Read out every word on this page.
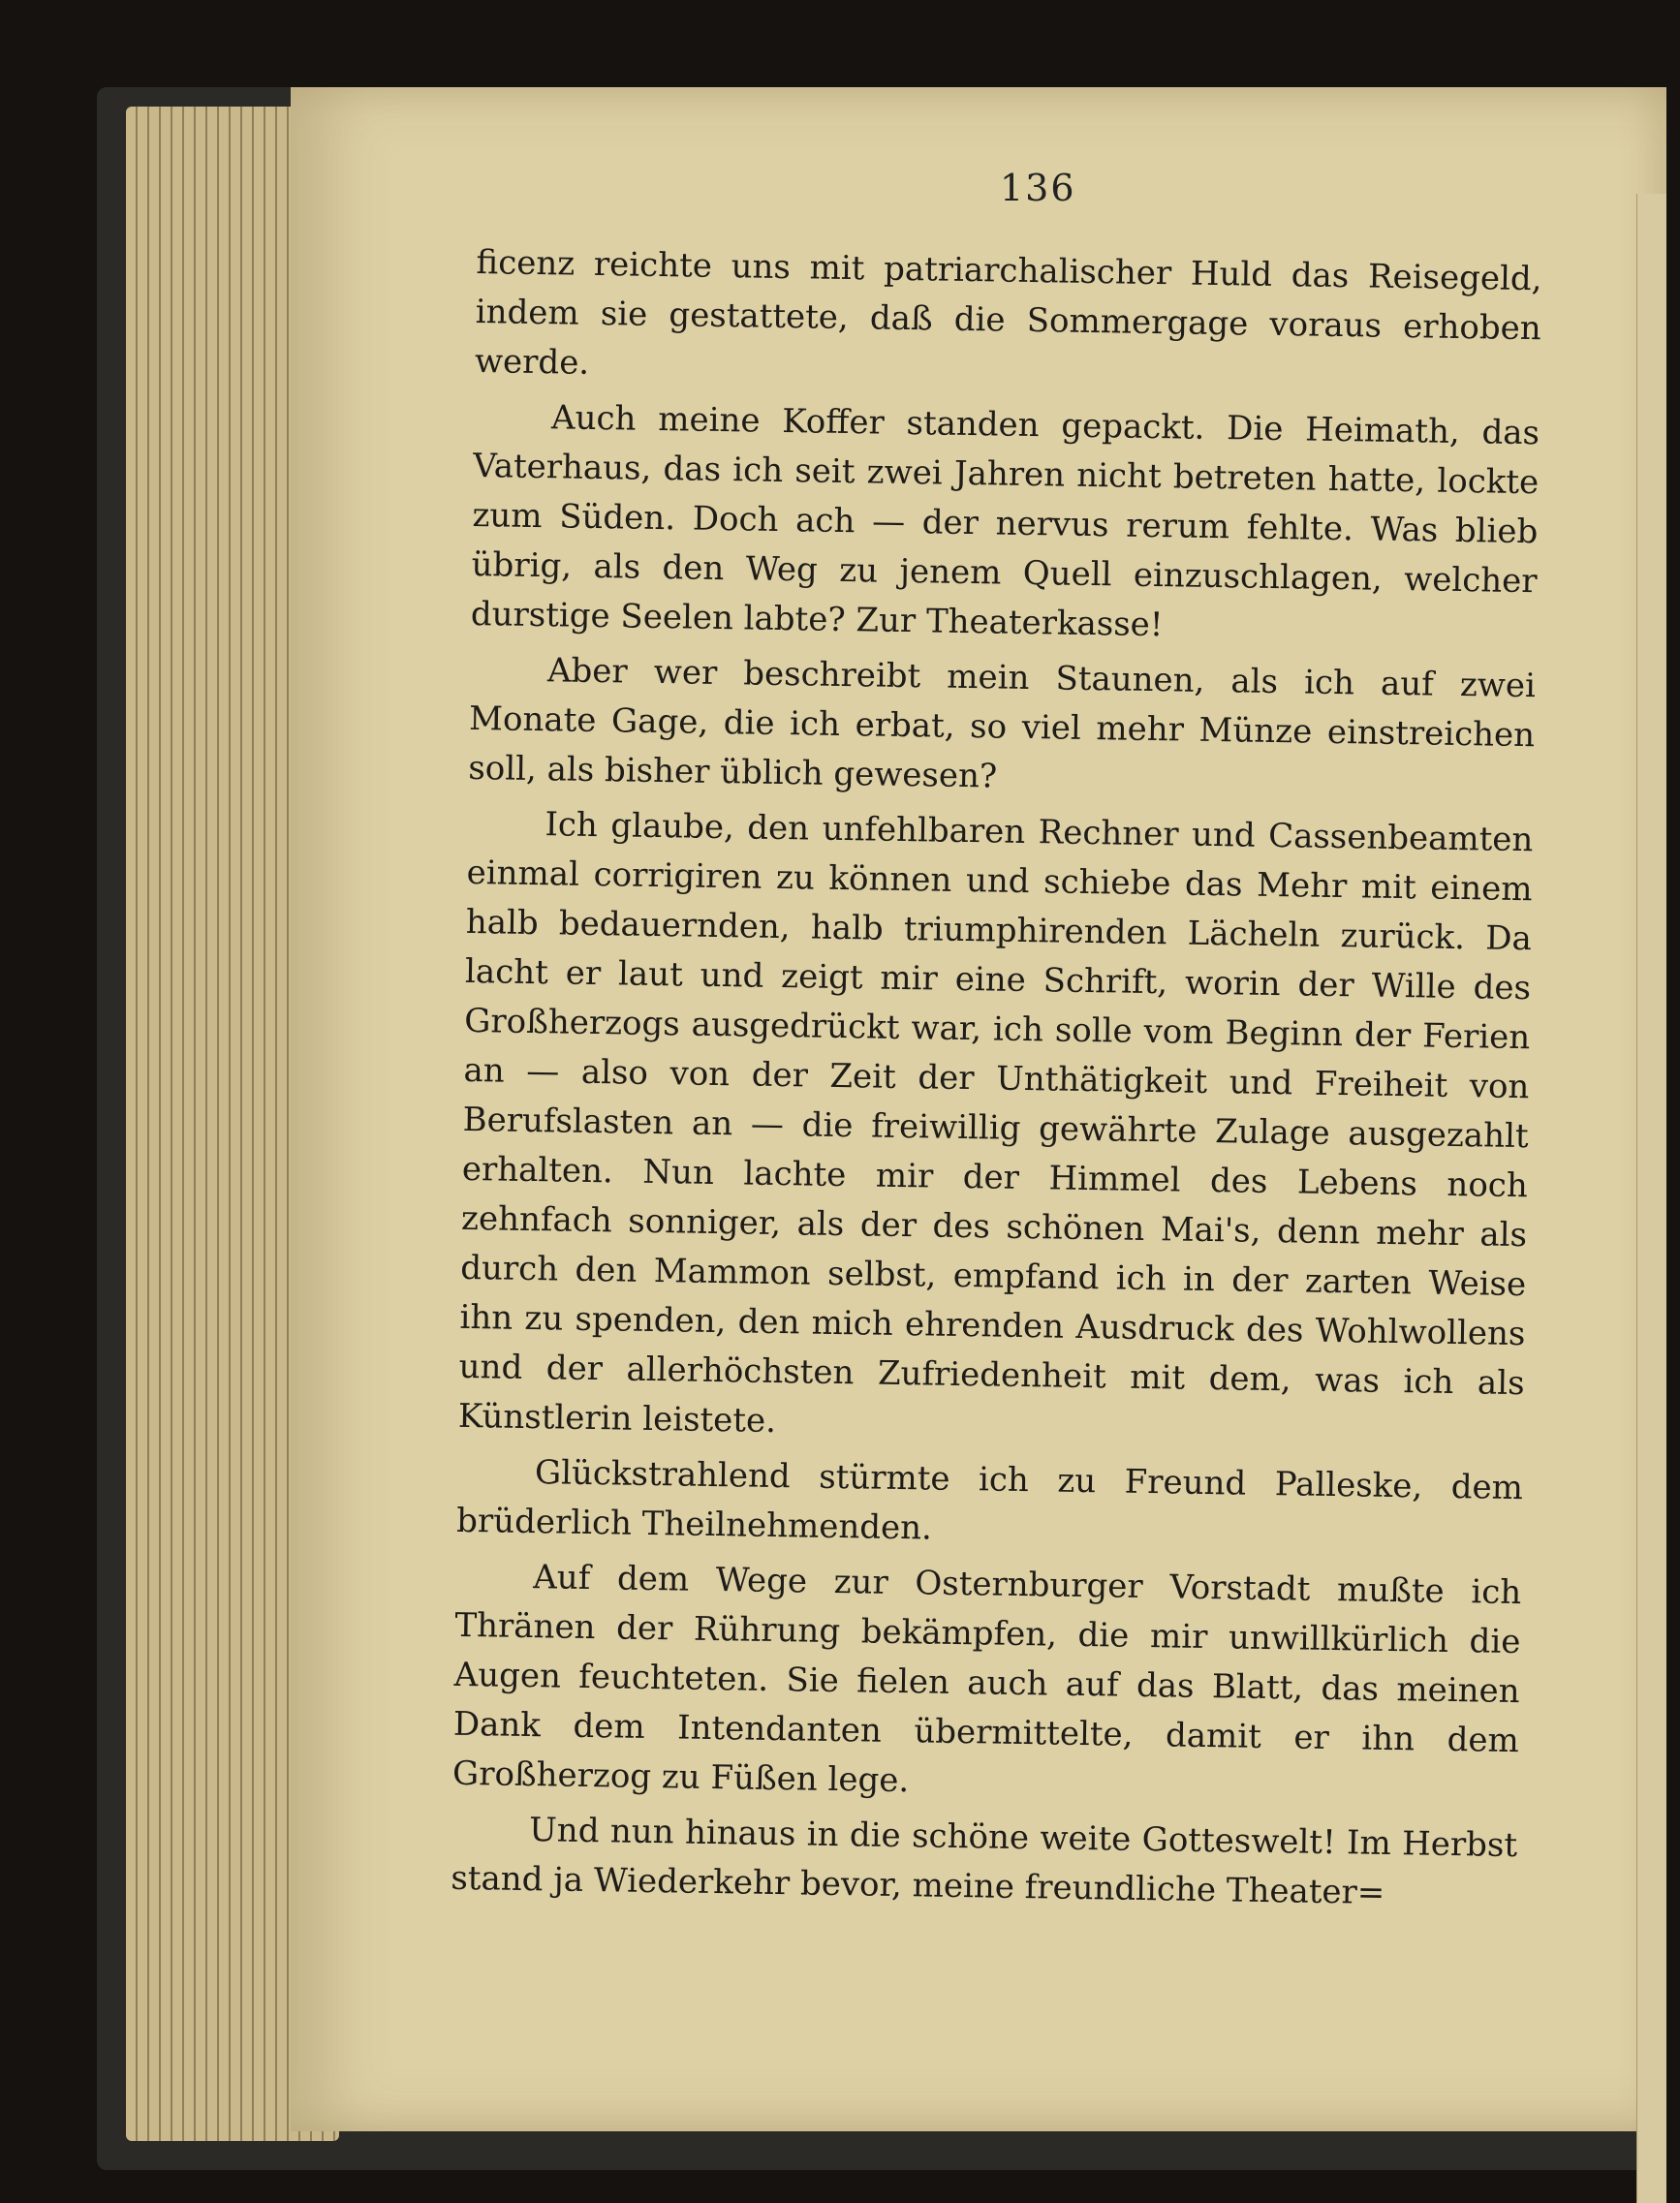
136

ficenz reichte uns mit patriarchalischer Huld das Reisegeld, indem sie gestattete, daß die Sommergage voraus erhoben werde.

Auch meine Koffer standen gepackt. Die Heimath, das Vaterhaus, das ich seit zwei Jahren nicht betreten hatte, lockte zum Süden. Doch ach — der nervus rerum fehlte. Was blieb übrig, als den Weg zu jenem Quell einzuschlagen, welcher durstige Seelen labte? Zur Theaterkasse!

Aber wer beschreibt mein Staunen, als ich auf zwei Monate Gage, die ich erbat, so viel mehr Münze einstreichen soll, als bisher üblich gewesen?

Ich glaube, den unfehlbaren Rechner und Cassenbeamten einmal corrigiren zu können und schiebe das Mehr mit einem halb bedauernden, halb triumphirenden Lächeln zurück. Da lacht er laut und zeigt mir eine Schrift, worin der Wille des Großherzogs ausgedrückt war, ich solle vom Beginn der Ferien an — also von der Zeit der Unthätigkeit und Freiheit von Berufslasten an — die freiwillig gewährte Zulage ausgezahlt erhalten. Nun lachte mir der Himmel des Lebens noch zehnfach sonniger, als der des schönen Mai's, denn mehr als durch den Mammon selbst, empfand ich in der zarten Weise ihn zu spenden, den mich ehrenden Ausdruck des Wohlwollens und der allerhöchsten Zufriedenheit mit dem, was ich als Künstlerin leistete.

Glückstrahlend stürmte ich zu Freund Palleske, dem brüderlich Theilnehmenden.

Auf dem Wege zur Osternburger Vorstadt mußte ich Thränen der Rührung bekämpfen, die mir unwillkürlich die Augen feuchteten. Sie fielen auch auf das Blatt, das meinen Dank dem Intendanten übermittelte, damit er ihn dem Großherzog zu Füßen lege.

Und nun hinaus in die schöne weite Gotteswelt! Im Herbst stand ja Wiederkehr bevor, meine freundliche Theater=
